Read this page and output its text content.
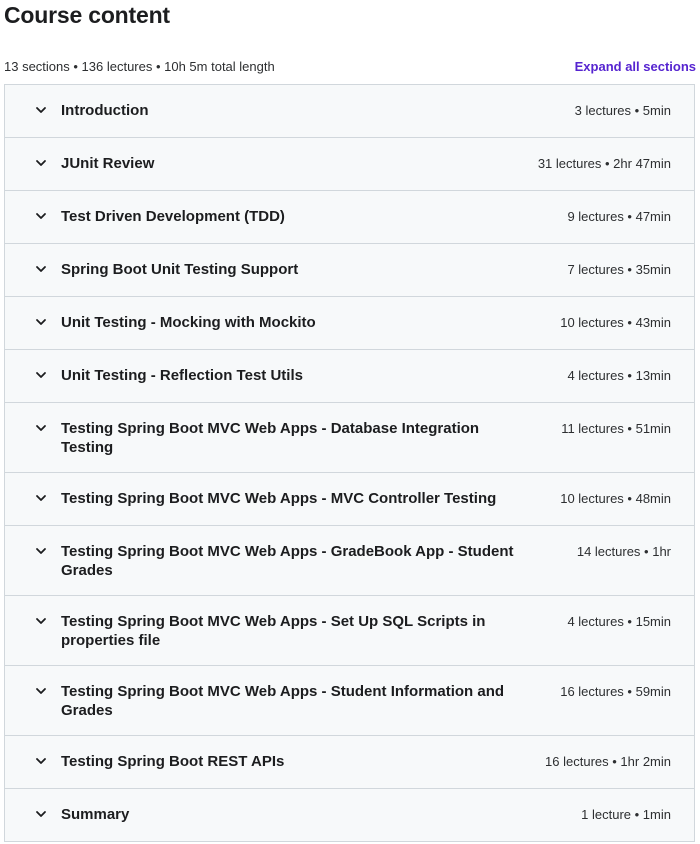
Course content
13 sections • 136 lectures • 10h 5m total length	Expand all sections
Introduction	3 lectures • 5min
JUnit Review	31 lectures • 2hr 47min
Test Driven Development (TDD)	9 lectures • 47min
Spring Boot Unit Testing Support	7 lectures • 35min
Unit Testing - Mocking with Mockito	10 lectures • 43min
Unit Testing - Reflection Test Utils	4 lectures • 13min
Testing Spring Boot MVC Web Apps - Database Integration Testing
11 lectures • 51min
Testing Spring Boot MVC Web Apps - MVC Controller Testing	10 lectures • 48min
Testing Spring Boot MVC Web Apps - GradeBook App - Student Grades
14 lectures • 1hr
Testing Spring Boot MVC Web Apps - Set Up SQL Scripts in properties file
4 lectures • 15min
Testing Spring Boot MVC Web Apps - Student Information and Grades
16 lectures • 59min
Testing Spring Boot REST APIs	16 lectures • 1hr 2min
Summary	1 lecture • 1min
